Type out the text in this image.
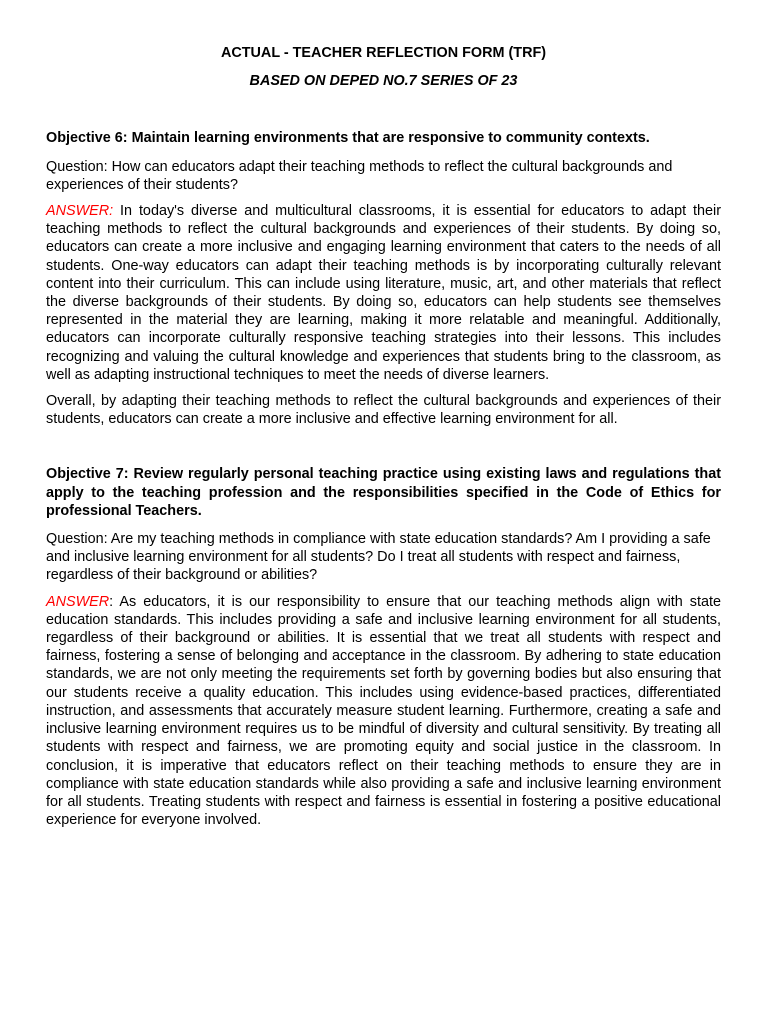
ACTUAL - TEACHER REFLECTION FORM (TRF)

BASED ON DEPED NO.7 SERIES OF 23

Objective 6: Maintain learning environments that are responsive to community contexts.

Question: How can educators adapt their teaching methods to reflect the cultural backgrounds and experiences of their students?

ANSWER: In today's diverse and multicultural classrooms, it is essential for educators to adapt their teaching methods to reflect the cultural backgrounds and experiences of their students. By doing so, educators can create a more inclusive and engaging learning environment that caters to the needs of all students. One-way educators can adapt their teaching methods is by incorporating culturally relevant content into their curriculum. This can include using literature, music, art, and other materials that reflect the diverse backgrounds of their students. By doing so, educators can help students see themselves represented in the material they are learning, making it more relatable and meaningful. Additionally, educators can incorporate culturally responsive teaching strategies into their lessons. This includes recognizing and valuing the cultural knowledge and experiences that students bring to the classroom, as well as adapting instructional techniques to meet the needs of diverse learners.

Overall, by adapting their teaching methods to reflect the cultural backgrounds and experiences of their students, educators can create a more inclusive and effective learning environment for all.

Objective 7: Review regularly personal teaching practice using existing laws and regulations that apply to the teaching profession and the responsibilities specified in the Code of Ethics for professional Teachers.

Question: Are my teaching methods in compliance with state education standards? Am I providing a safe and inclusive learning environment for all students? Do I treat all students with respect and fairness, regardless of their background or abilities?

ANSWER: As educators, it is our responsibility to ensure that our teaching methods align with state education standards. This includes providing a safe and inclusive learning environment for all students, regardless of their background or abilities. It is essential that we treat all students with respect and fairness, fostering a sense of belonging and acceptance in the classroom. By adhering to state education standards, we are not only meeting the requirements set forth by governing bodies but also ensuring that our students receive a quality education. This includes using evidence-based practices, differentiated instruction, and assessments that accurately measure student learning. Furthermore, creating a safe and inclusive learning environment requires us to be mindful of diversity and cultural sensitivity. By treating all students with respect and fairness, we are promoting equity and social justice in the classroom. In conclusion, it is imperative that educators reflect on their teaching methods to ensure they are in compliance with state education standards while also providing a safe and inclusive learning environment for all students. Treating students with respect and fairness is essential in fostering a positive educational experience for everyone involved.
